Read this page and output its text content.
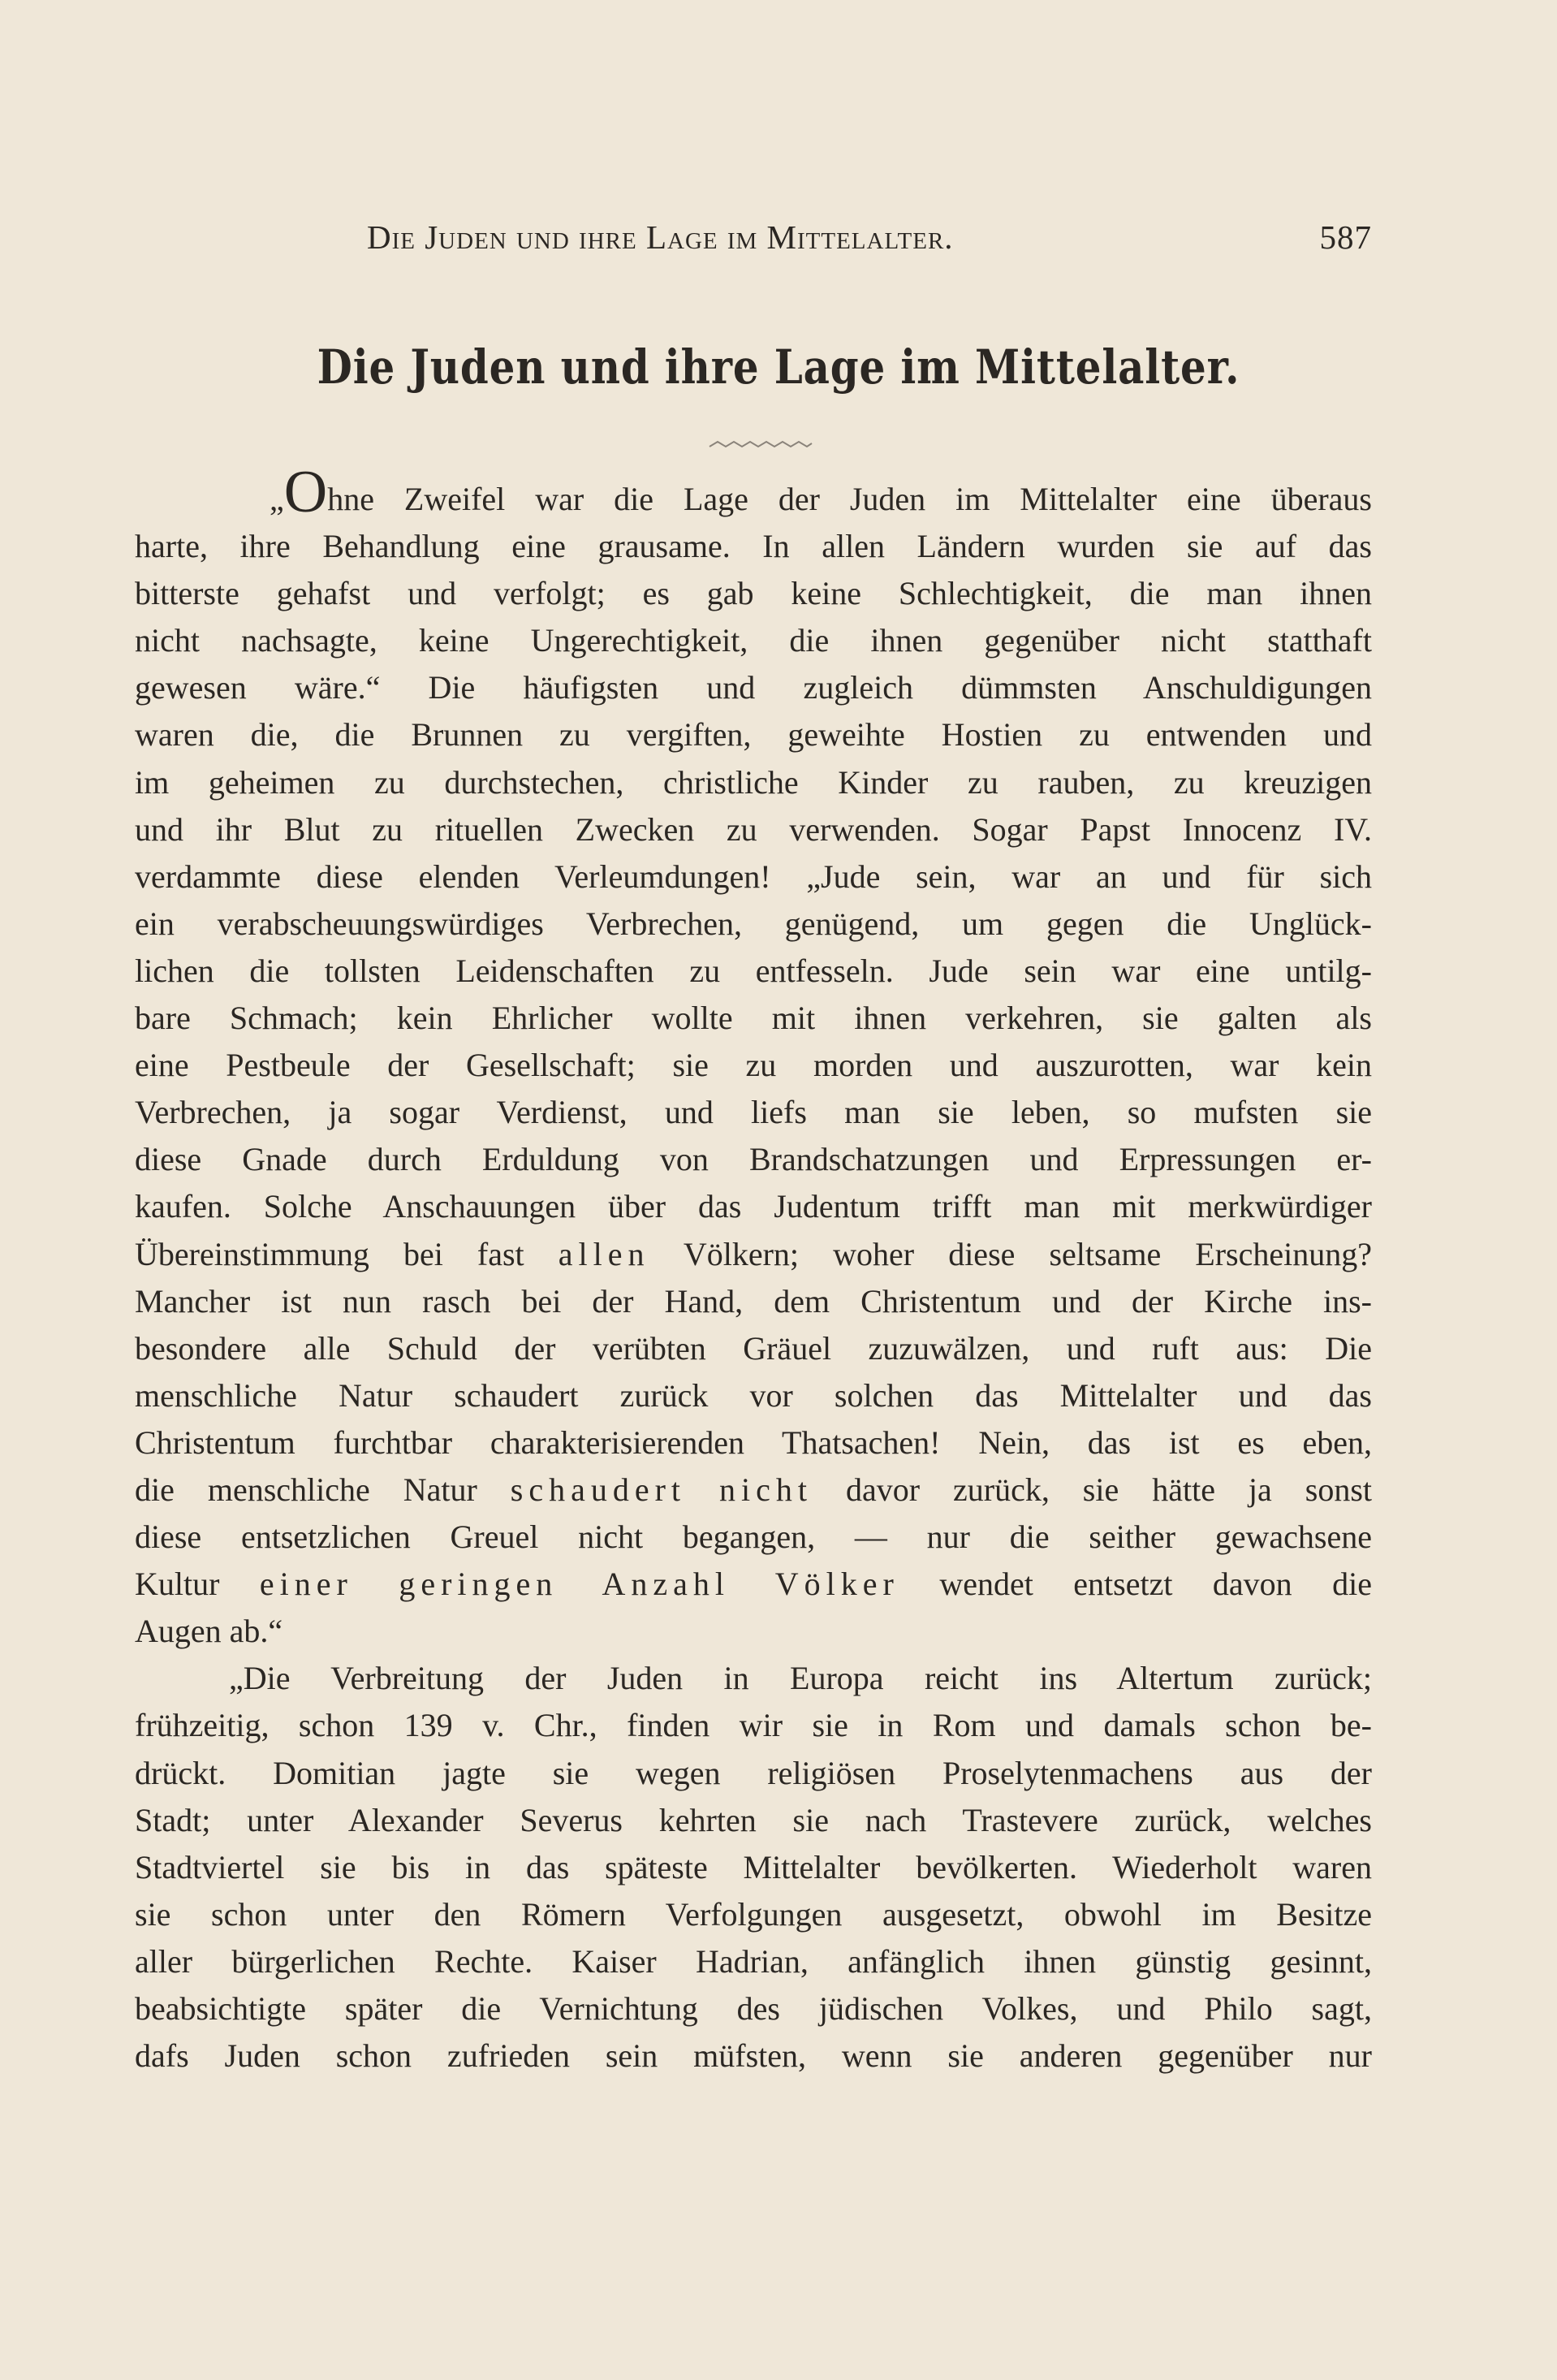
Die Juden und ihre Lage im Mittelalter.	587
Die Juden und ihre Lage im Mittelalter.
„Ohne Zweifel war die Lage der Juden im Mittelalter eine überaus
harte, ihre Behandlung eine grausame. In allen Ländern wurden sie auf das
bitterste gehafst und verfolgt; es gab keine Schlechtigkeit, die man ihnen
nicht nachsagte, keine Ungerechtigkeit, die ihnen gegenüber nicht statthaft
gewesen wäre.“ Die häufigsten und zugleich dümmsten Anschuldigungen
waren die, die Brunnen zu vergiften, geweihte Hostien zu entwenden und
im geheimen zu durchstechen, christliche Kinder zu rauben, zu kreuzigen
und ihr Blut zu rituellen Zwecken zu verwenden. Sogar Papst Innocenz IV.
verdammte diese elenden Verleumdungen! „Jude sein, war an und für sich
ein verabscheuungswürdiges Verbrechen, genügend, um gegen die Unglück-
lichen die tollsten Leidenschaften zu entfesseln. Jude sein war eine untilg-
bare Schmach; kein Ehrlicher wollte mit ihnen verkehren, sie galten als
eine Pestbeule der Gesellschaft; sie zu morden und auszurotten, war kein
Verbrechen, ja sogar Verdienst, und liefs man sie leben, so mufsten sie
diese Gnade durch Erduldung von Brandschatzungen und Erpressungen er-
kaufen. Solche Anschauungen über das Judentum trifft man mit merkwürdiger
Übereinstimmung bei fast allen Völkern; woher diese seltsame Erscheinung?
Mancher ist nun rasch bei der Hand, dem Christentum und der Kirche ins-
besondere alle Schuld der verübten Gräuel zuzuwälzen, und ruft aus: Die
menschliche Natur schaudert zurück vor solchen das Mittelalter und das
Christentum furchtbar charakterisierenden Thatsachen! Nein, das ist es eben,
die menschliche Natur schaudert nicht davor zurück, sie hätte ja sonst
diese entsetzlichen Greuel nicht begangen, — nur die seither gewachsene
Kultur einer geringen Anzahl Völker wendet entsetzt davon die
Augen ab.“
„Die Verbreitung der Juden in Europa reicht ins Altertum zurück;
frühzeitig, schon 139 v. Chr., finden wir sie in Rom und damals schon be-
drückt. Domitian jagte sie wegen religiösen Proselytenmachens aus der
Stadt; unter Alexander Severus kehrten sie nach Trastevere zurück, welches
Stadtviertel sie bis in das späteste Mittelalter bevölkerten. Wiederholt waren
sie schon unter den Römern Verfolgungen ausgesetzt, obwohl im Besitze
aller bürgerlichen Rechte. Kaiser Hadrian, anfänglich ihnen günstig gesinnt,
beabsichtigte später die Vernichtung des jüdischen Volkes, und Philo sagt,
dafs Juden schon zufrieden sein müfsten, wenn sie anderen gegenüber nur
